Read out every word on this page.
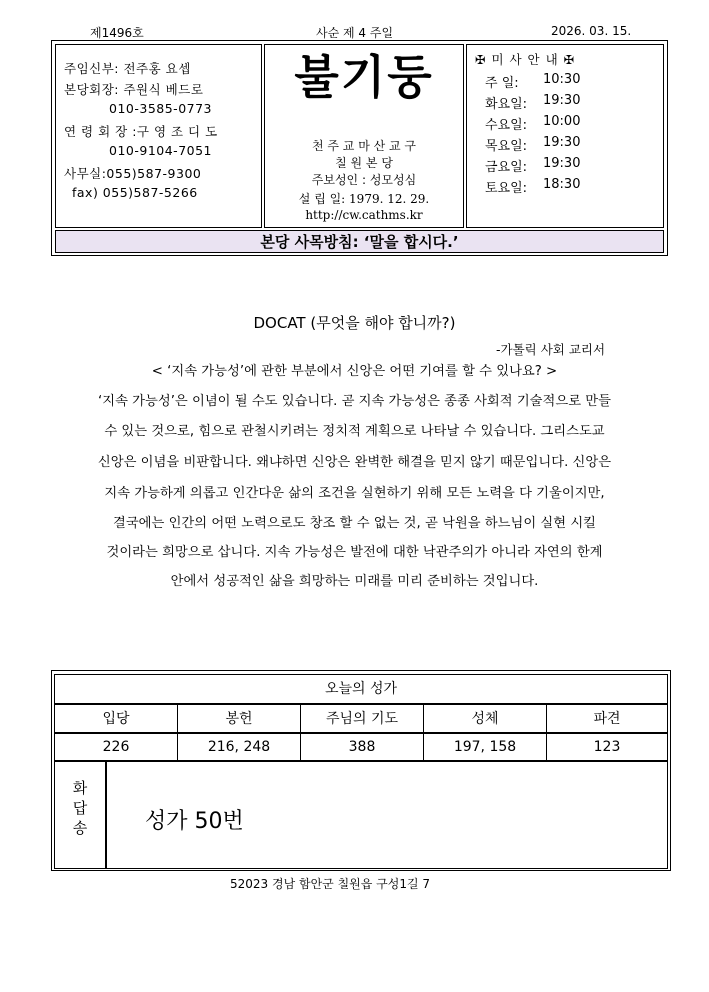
제1496호	사순 제 4 주일	2026. 03. 15.
주임신부: 전주홍 요셉
본당회장: 주원식 베드로
010-3585-0773
연 령 회 장 :구 영 조 디 도
010-9104-7051
사무실:055)587-9300
fax) 055)587-5266
불기둥
천 주 교 마 산 교 구
칠 원 본 당
주보성인 : 성모성심
설 립 일: 1979. 12. 29.
http://cw.cathms.kr
✠ 미 사 안 내 ✠
주 일: 10:30
화요일: 19:30
수요일: 10:00
목요일: 19:30
금요일: 19:30
토요일: 18:30
본당 사목방침: ‘말을 합시다.’
DOCAT (무엇을 해야 합니까?)
-가톨릭 사회 교리서
< ‘지속 가능성’에 관한 부분에서 신앙은 어떤 기여를 할 수 있나요? >
‘지속 가능성’은 이념이 될 수도 있습니다. 곧 지속 가능성은 종종 사회적 기술적으로 만들
수 있는 것으로, 힘으로 관철시키려는 정치적 계획으로 나타날 수 있습니다. 그리스도교
신앙은 이념을 비판합니다. 왜냐하면 신앙은 완벽한 해결을 믿지 않기 때문입니다. 신앙은
지속 가능하게 의롭고 인간다운 삶의 조건을 실현하기 위해 모든 노력을 다 기울이지만,
결국에는 인간의 어떤 노력으로도 창조 할 수 없는 것, 곧 낙원을 하느님이 실현 시킬
것이라는 희망으로 삽니다. 지속 가능성은 발전에 대한 낙관주의가 아니라 자연의 한계
안에서 성공적인 삶을 희망하는 미래를 미리 준비하는 것입니다.
오늘의 성가
입당	봉헌	주님의 기도	성체	파견
226	216, 248	388	197, 158	123
화
답
송	성가 50번
52023 경남 함안군 칠원읍 구성1길 7
